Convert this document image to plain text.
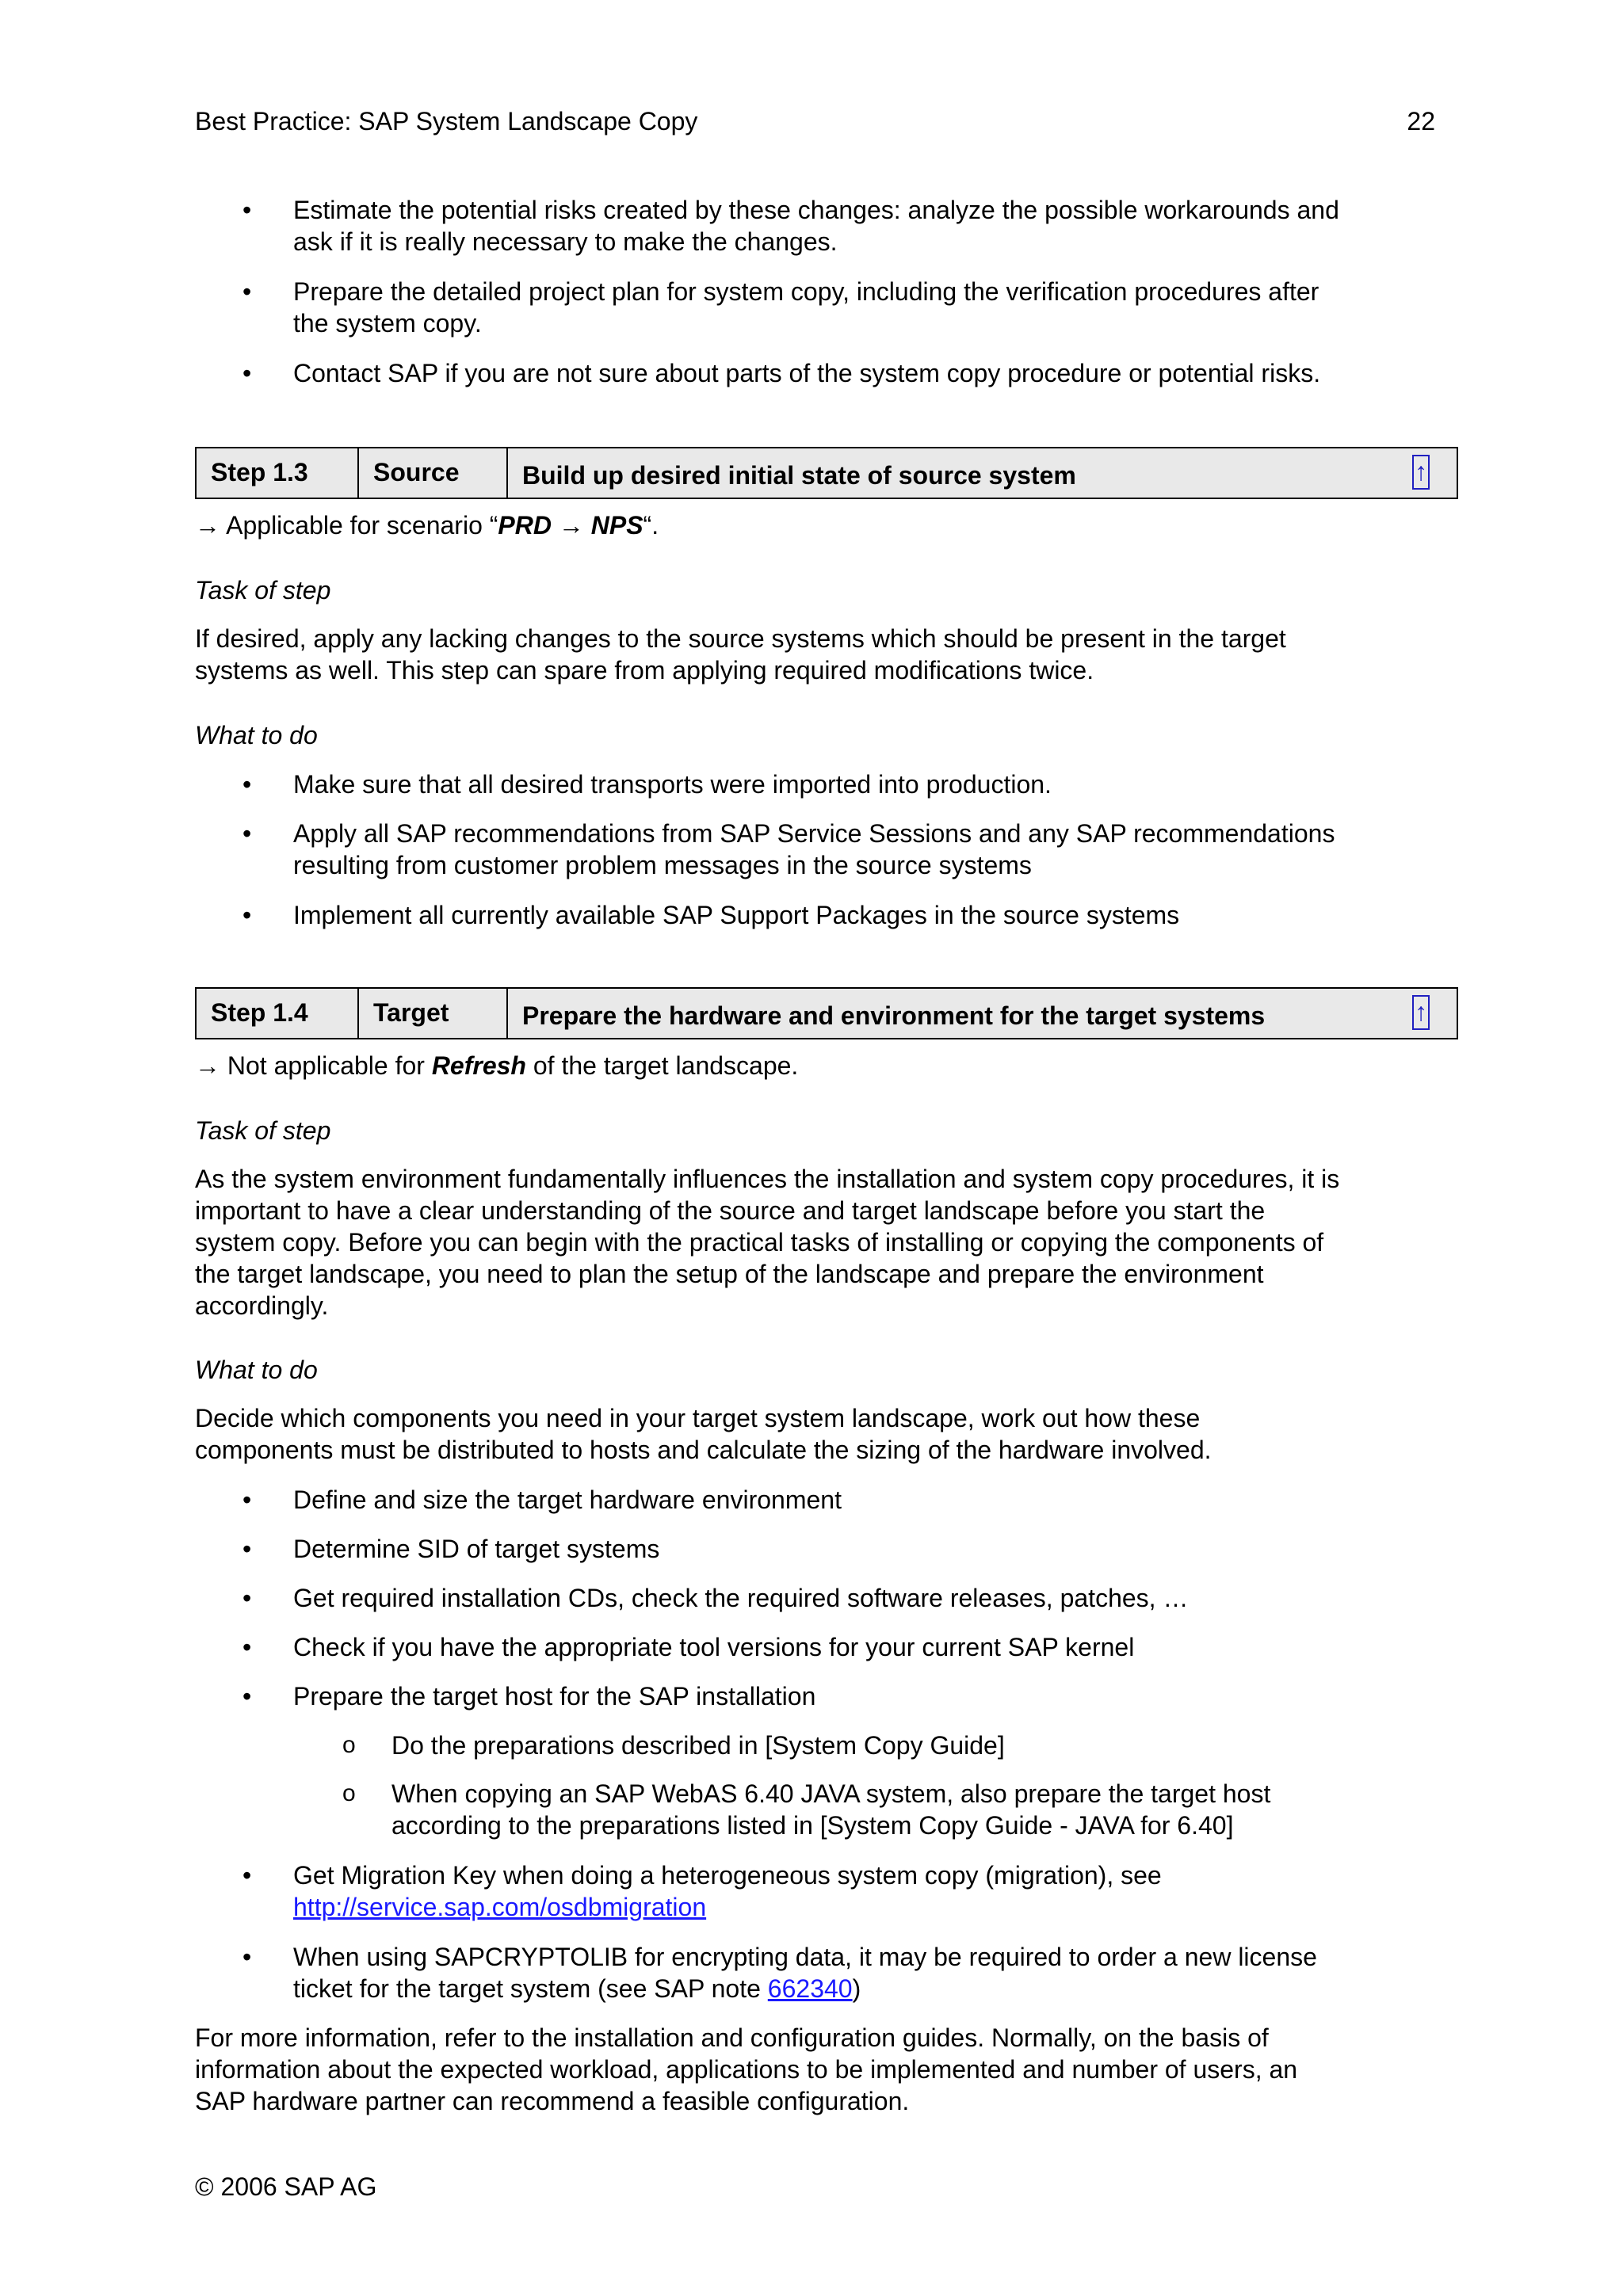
Best Practice: SAP System Landscape Copy	22
• Estimate the potential risks created by these changes: analyze the possible workarounds and
ask if it is really necessary to make the changes.
• Prepare the detailed project plan for system copy, including the verification procedures after
the system copy.
• Contact SAP if you are not sure about parts of the system copy procedure or potential risks.
Step 1.3	Source	Build up desired initial state of source system	↑
→ Applicable for scenario “PRD → NPS“.
Task of step
If desired, apply any lacking changes to the source systems which should be present in the target
systems as well. This step can spare from applying required modifications twice.
What to do
• Make sure that all desired transports were imported into production.
• Apply all SAP recommendations from SAP Service Sessions and any SAP recommendations
resulting from customer problem messages in the source systems
• Implement all currently available SAP Support Packages in the source systems
Step 1.4	Target	Prepare the hardware and environment for the target systems	↑
→ Not applicable for Refresh of the target landscape.
Task of step
As the system environment fundamentally influences the installation and system copy procedures, it is
important to have a clear understanding of the source and target landscape before you start the
system copy. Before you can begin with the practical tasks of installing or copying the components of
the target landscape, you need to plan the setup of the landscape and prepare the environment
accordingly.
What to do
Decide which components you need in your target system landscape, work out how these
components must be distributed to hosts and calculate the sizing of the hardware involved.
• Define and size the target hardware environment
• Determine SID of target systems
• Get required installation CDs, check the required software releases, patches, …
• Check if you have the appropriate tool versions for your current SAP kernel
• Prepare the target host for the SAP installation
o Do the preparations described in [System Copy Guide]
o When copying an SAP WebAS 6.40 JAVA system, also prepare the target host
according to the preparations listed in [System Copy Guide - JAVA for 6.40]
• Get Migration Key when doing a heterogeneous system copy (migration), see
http://service.sap.com/osdbmigration
• When using SAPCRYPTOLIB for encrypting data, it may be required to order a new license
ticket for the target system (see SAP note 662340)
For more information, refer to the installation and configuration guides. Normally, on the basis of
information about the expected workload, applications to be implemented and number of users, an
SAP hardware partner can recommend a feasible configuration.
© 2006 SAP AG
